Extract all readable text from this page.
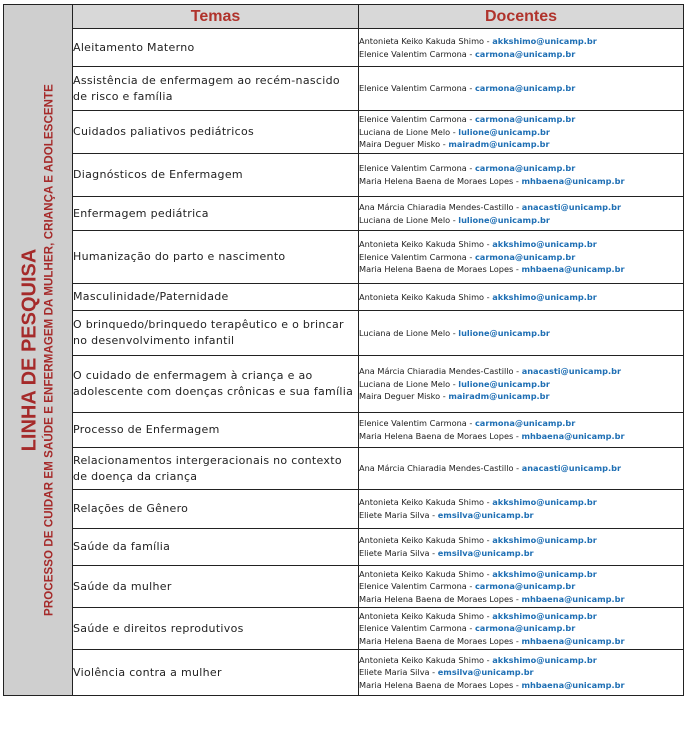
LINHA DE PESQUISA PROCESSO DE CUIDAR EM SAÚDE E ENFERMAGEM DA MULHER, CRIANÇA E ADOLESCENTE	Temas	Docentes
	Aleitamento Materno	Antonieta Keiko Kakuda Shimo - akkshimo@unicamp.br
Elenice Valentim Carmona - carmona@unicamp.br

	Assistência de enfermagem ao recém-nascido de risco e família	Elenice Valentim Carmona - carmona@unicamp.br

	Cuidados paliativos pediátricos	Elenice Valentim Carmona - carmona@unicamp.br
Luciana de Lione Melo - lulione@unicamp.br
Maira Deguer Misko - mairadm@unicamp.br

	Diagnósticos de Enfermagem	Elenice Valentim Carmona - carmona@unicamp.br
Maria Helena Baena de Moraes Lopes - mhbaena@unicamp.br

	Enfermagem pediátrica	Ana Márcia Chiaradia Mendes-Castillo - anacasti@unicamp.br
Luciana de Lione Melo - lulione@unicamp.br

	Humanização do parto e nascimento	Antonieta Keiko Kakuda Shimo - akkshimo@unicamp.br
Elenice Valentim Carmona - carmona@unicamp.br
Maria Helena Baena de Moraes Lopes - mhbaena@unicamp.br

	Masculinidade/Paternidade	Antonieta Keiko Kakuda Shimo - akkshimo@unicamp.br

	O brinquedo/brinquedo terapêutico e o brincar no desenvolvimento infantil	Luciana de Lione Melo - lulione@unicamp.br

	O cuidado de enfermagem à criança e ao adolescente com doenças crônicas e sua família	Ana Márcia Chiaradia Mendes-Castillo - anacasti@unicamp.br
Luciana de Lione Melo - lulione@unicamp.br
Maira Deguer Misko - mairadm@unicamp.br

	Processo de Enfermagem	Elenice Valentim Carmona - carmona@unicamp.br
Maria Helena Baena de Moraes Lopes - mhbaena@unicamp.br

	Relacionamentos intergeracionais no contexto de doença da criança	Ana Márcia Chiaradia Mendes-Castillo - anacasti@unicamp.br

	Relações de Gênero	Antonieta Keiko Kakuda Shimo - akkshimo@unicamp.br
Eliete Maria Silva - emsilva@unicamp.br

	Saúde da família	Antonieta Keiko Kakuda Shimo - akkshimo@unicamp.br
Eliete Maria Silva - emsilva@unicamp.br

	Saúde da mulher	Antonieta Keiko Kakuda Shimo - akkshimo@unicamp.br
Elenice Valentim Carmona - carmona@unicamp.br
Maria Helena Baena de Moraes Lopes - mhbaena@unicamp.br

	Saúde e direitos reprodutivos	Antonieta Keiko Kakuda Shimo - akkshimo@unicamp.br
Elenice Valentim Carmona - carmona@unicamp.br
Maria Helena Baena de Moraes Lopes - mhbaena@unicamp.br

	Violência contra a mulher	Antonieta Keiko Kakuda Shimo - akkshimo@unicamp.br
Eliete Maria Silva - emsilva@unicamp.br
Maria Helena Baena de Moraes Lopes - mhbaena@unicamp.br
